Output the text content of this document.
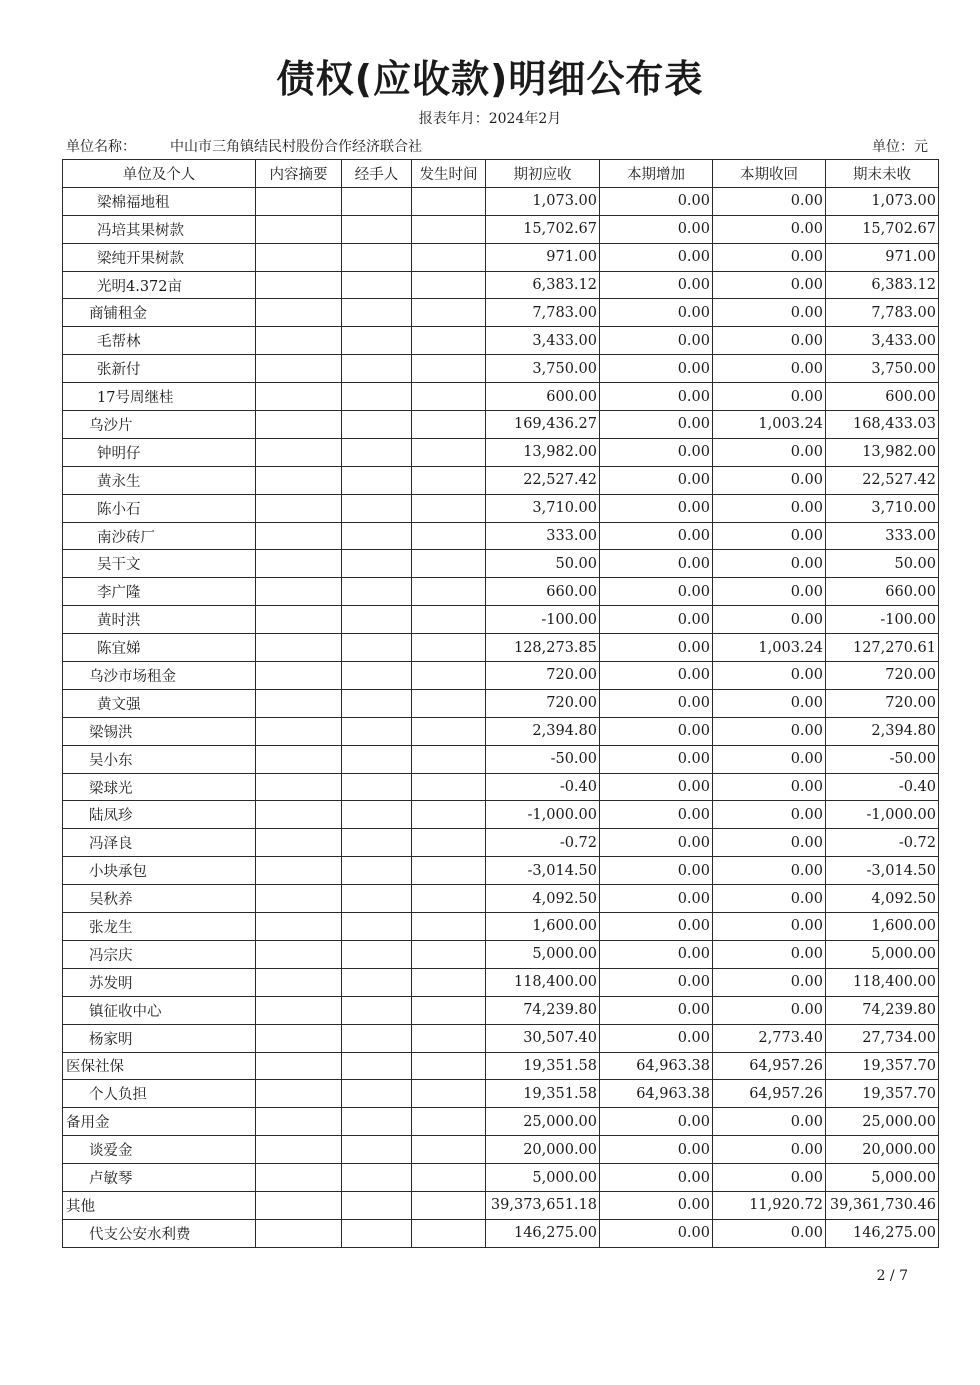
债权(应收款)明细公布表
报表年月：2024年2月
单位名称： 中山市三角镇结民村股份合作经济联合社	单位：元
单位及个人	内容摘要	经手人	发生时间	期初应收	本期增加	本期收回	期末未收
梁棉福地租				1,073.00	0.00	0.00	1,073.00
冯培其果树款				15,702.67	0.00	0.00	15,702.67
梁纯开果树款				971.00	0.00	0.00	971.00
光明4.372亩				6,383.12	0.00	0.00	6,383.12
商铺租金				7,783.00	0.00	0.00	7,783.00
毛帮林				3,433.00	0.00	0.00	3,433.00
张新付				3,750.00	0.00	0.00	3,750.00
17号周继桂				600.00	0.00	0.00	600.00
乌沙片				169,436.27	0.00	1,003.24	168,433.03
钟明仔				13,982.00	0.00	0.00	13,982.00
黄永生				22,527.42	0.00	0.00	22,527.42
陈小石				3,710.00	0.00	0.00	3,710.00
南沙砖厂				333.00	0.00	0.00	333.00
吴干文				50.00	0.00	0.00	50.00
李广隆				660.00	0.00	0.00	660.00
黄时洪				-100.00	0.00	0.00	-100.00
陈宜娣				128,273.85	0.00	1,003.24	127,270.61
乌沙市场租金				720.00	0.00	0.00	720.00
黄文强				720.00	0.00	0.00	720.00
梁锡洪				2,394.80	0.00	0.00	2,394.80
吴小东				-50.00	0.00	0.00	-50.00
梁球光				-0.40	0.00	0.00	-0.40
陆凤珍				-1,000.00	0.00	0.00	-1,000.00
冯泽良				-0.72	0.00	0.00	-0.72
小块承包				-3,014.50	0.00	0.00	-3,014.50
吴秋养				4,092.50	0.00	0.00	4,092.50
张龙生				1,600.00	0.00	0.00	1,600.00
冯宗庆				5,000.00	0.00	0.00	5,000.00
苏发明				118,400.00	0.00	0.00	118,400.00
镇征收中心				74,239.80	0.00	0.00	74,239.80
杨家明				30,507.40	0.00	2,773.40	27,734.00
医保社保				19,351.58	64,963.38	64,957.26	19,357.70
个人负担				19,351.58	64,963.38	64,957.26	19,357.70
备用金				25,000.00	0.00	0.00	25,000.00
谈爱金				20,000.00	0.00	0.00	20,000.00
卢敏琴				5,000.00	0.00	0.00	5,000.00
其他				39,373,651.18	0.00	11,920.72	39,361,730.46
代支公安水利费				146,275.00	0.00	0.00	146,275.00
2 / 7
